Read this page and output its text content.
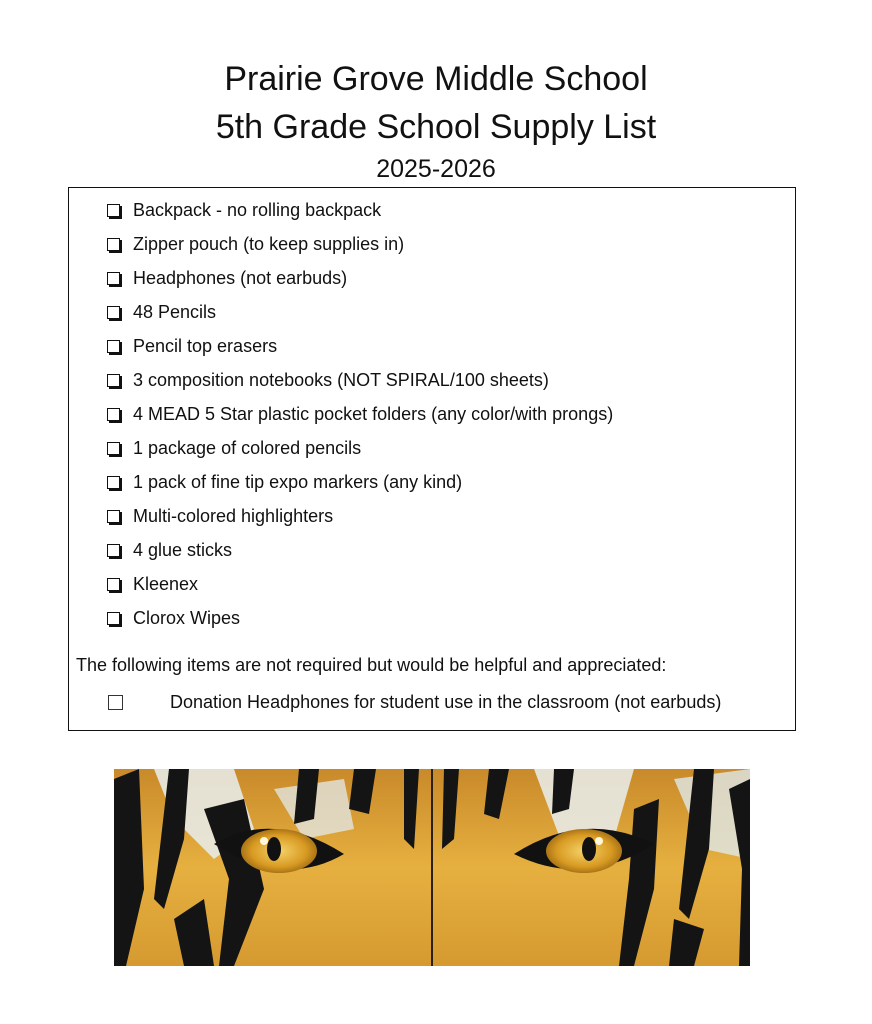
Prairie Grove Middle School
5th Grade School Supply List
2025-2026
Backpack - no rolling backpack
Zipper pouch (to keep supplies in)
Headphones (not earbuds)
48 Pencils
Pencil top erasers
3 composition notebooks (NOT SPIRAL/100 sheets)
4 MEAD 5 Star plastic pocket folders (any color/with prongs)
1 package of colored pencils
1 pack of fine tip expo markers (any kind)
Multi-colored highlighters
4 glue sticks
Kleenex
Clorox Wipes
The following items are not required but would be helpful and appreciated:
Donation Headphones for student use in the classroom (not earbuds)
